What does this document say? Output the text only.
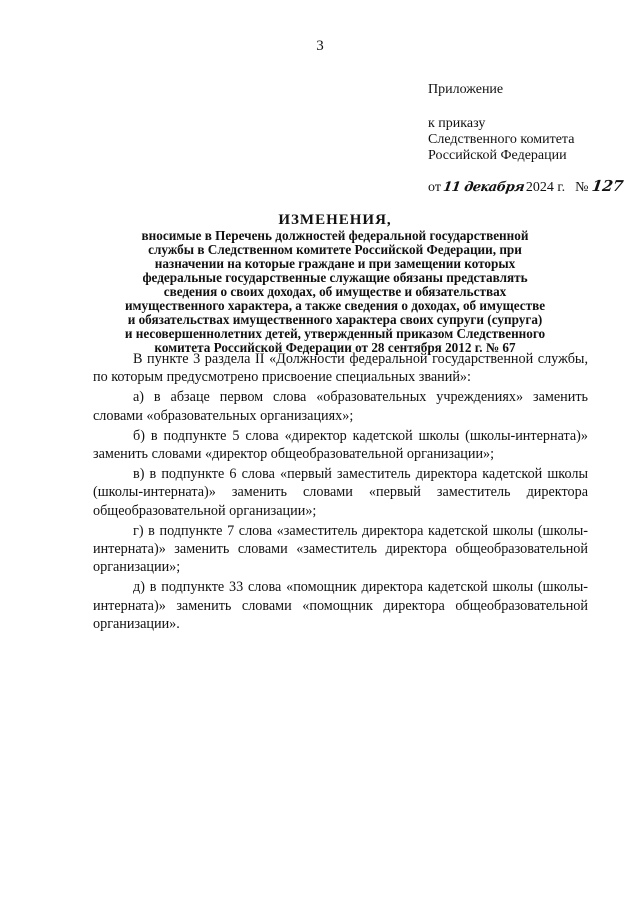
3
Приложение
к приказу
Следственного комитета
Российской Федерации
от 11 декабря 2024 г. № 127
ИЗМЕНЕНИЯ,
вносимые в Перечень должностей федеральной государственной
службы в Следственном комитете Российской Федерации, при
назначении на которые граждане и при замещении которых
федеральные государственные служащие обязаны представлять
сведения о своих доходах, об имуществе и обязательствах
имущественного характера, а также сведения о доходах, об имуществе
и обязательствах имущественного характера своих супруги (супруга)
и несовершеннолетних детей, утвержденный приказом Следственного
комитета Российской Федерации от 28 сентября 2012 г. № 67

В пункте 3 раздела II «Должности федеральной государственной службы, по которым предусмотрено присвоение специальных званий»:

а) в абзаце первом слова «образовательных учреждениях» заменить словами «образовательных организациях»;

б) в подпункте 5 слова «директор кадетской школы (школы-интерната)» заменить словами «директор общеобразовательной организации»;

в) в подпункте 6 слова «первый заместитель директора кадетской школы (школы-интерната)» заменить словами «первый заместитель директора общеобразовательной организации»;

г) в подпункте 7 слова «заместитель директора кадетской школы (школы-интерната)» заменить словами «заместитель директора общеобразовательной организации»;

д) в подпункте 33 слова «помощник директора кадетской школы (школы-интерната)» заменить словами «помощник директора общеобразовательной организации».
